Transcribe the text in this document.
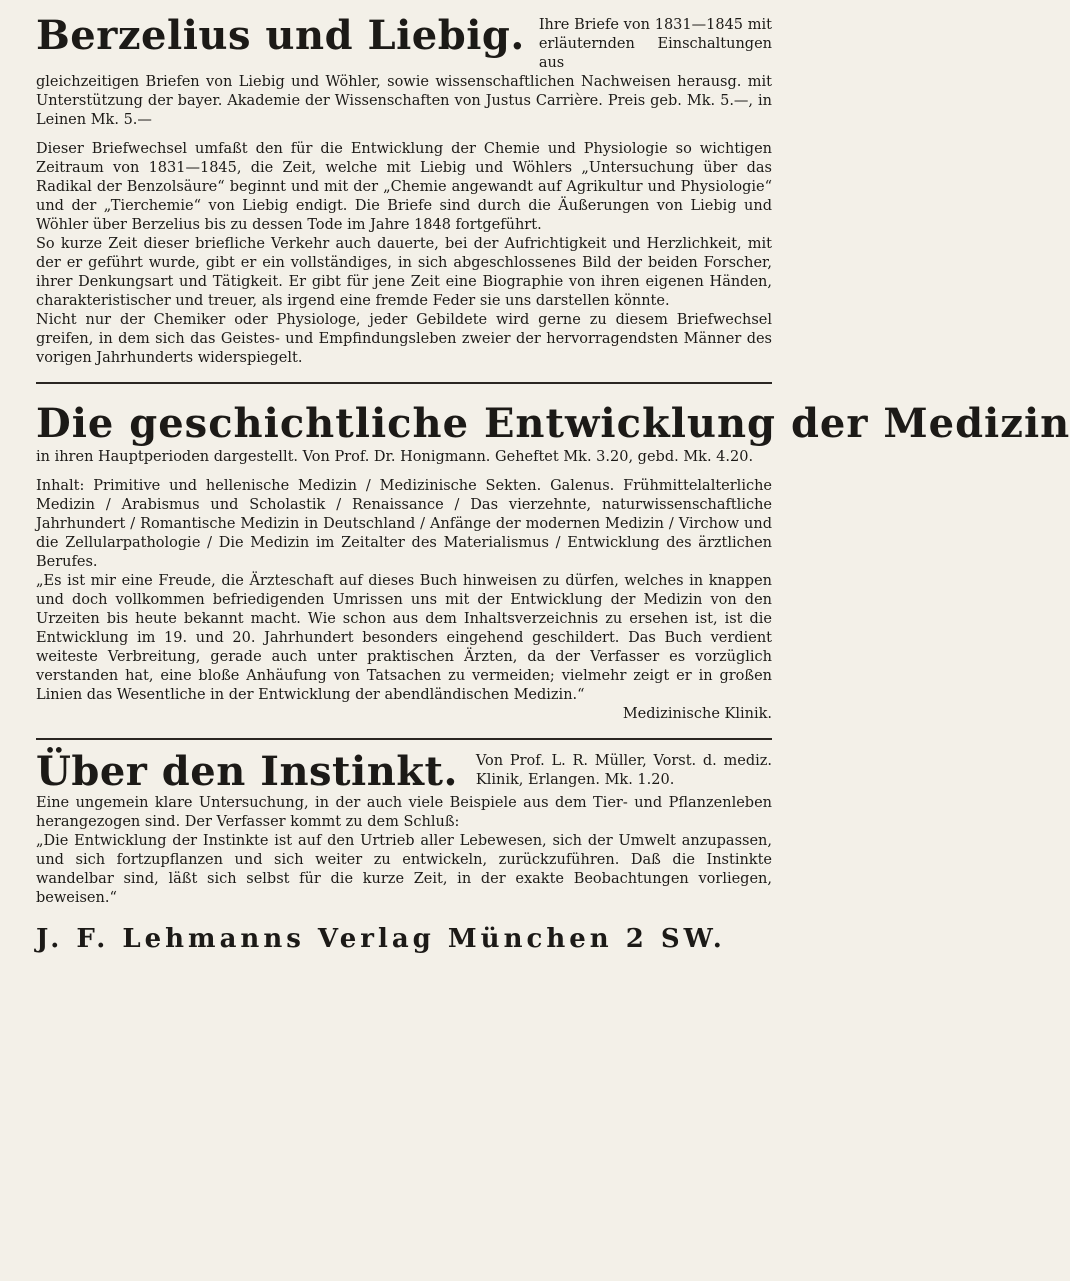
Berzelius und Liebig. Ihre Briefe von 1831—1845 mit erläuternden Einschaltungen aus

gleichzeitigen Briefen von Liebig und Wöhler, sowie wissenschaftlichen Nachweisen herausg. mit Unterstützung der bayer. Akademie der Wissenschaften von Justus Carrière. Preis geb. Mk. 5.—, in Leinen Mk. 5.—

Dieser Briefwechsel umfaßt den für die Entwicklung der Chemie und Physiologie so wichtigen Zeitraum von 1831—1845, die Zeit, welche mit Liebig und Wöhlers „Untersuchung über das Radikal der Benzolsäure“ beginnt und mit der „Chemie angewandt auf Agrikultur und Physiologie“ und der „Tierchemie“ von Liebig endigt. Die Briefe sind durch die Äußerungen von Liebig und Wöhler über Berzelius bis zu dessen Tode im Jahre 1848 fortgeführt.

So kurze Zeit dieser briefliche Verkehr auch dauerte, bei der Aufrichtigkeit und Herzlichkeit, mit der er geführt wurde, gibt er ein vollständiges, in sich abgeschlossenes Bild der beiden Forscher, ihrer Denkungsart und Tätigkeit. Er gibt für jene Zeit eine Biographie von ihren eigenen Händen, charakteristischer und treuer, als irgend eine fremde Feder sie uns darstellen könnte.

Nicht nur der Chemiker oder Physiologe, jeder Gebildete wird gerne zu diesem Briefwechsel greifen, in dem sich das Geistes- und Empfindungsleben zweier der hervorragendsten Männer des vorigen Jahrhunderts widerspiegelt.

Die geschichtliche Entwicklung der Medizin

in ihren Hauptperioden dargestellt. Von Prof. Dr. Honigmann. Geheftet Mk. 3.20, gebd. Mk. 4.20.

Inhalt: Primitive und hellenische Medizin / Medizinische Sekten. Galenus. Frühmittelalterliche Medizin / Arabismus und Scholastik / Renaissance / Das vierzehnte, naturwissenschaftliche Jahrhundert / Romantische Medizin in Deutschland / Anfänge der modernen Medizin / Virchow und die Zellularpathologie / Die Medizin im Zeitalter des Materialismus / Entwicklung des ärztlichen Berufes.

„Es ist mir eine Freude, die Ärzteschaft auf dieses Buch hinweisen zu dürfen, welches in knappen und doch vollkommen befriedigenden Umrissen uns mit der Entwicklung der Medizin von den Urzeiten bis heute bekannt macht. Wie schon aus dem Inhaltsverzeichnis zu ersehen ist, ist die Entwicklung im 19. und 20. Jahrhundert besonders eingehend geschildert. Das Buch verdient weiteste Verbreitung, gerade auch unter praktischen Ärzten, da der Verfasser es vorzüglich verstanden hat, eine bloße Anhäufung von Tatsachen zu vermeiden; vielmehr zeigt er in großen Linien das Wesentliche in der Entwicklung der abendländischen Medizin.“

Medizinische Klinik.
Über den Instinkt. Von Prof. L. R. Müller, Vorst. d. mediz. Klinik, Erlangen. Mk. 1.20.

Eine ungemein klare Untersuchung, in der auch viele Beispiele aus dem Tier- und Pflanzenleben herangezogen sind. Der Verfasser kommt zu dem Schluß:

„Die Entwicklung der Instinkte ist auf den Urtrieb aller Lebewesen, sich der Umwelt anzupassen, und sich fortzupflanzen und sich weiter zu entwickeln, zurückzuführen. Daß die Instinkte wandelbar sind, läßt sich selbst für die kurze Zeit, in der exakte Beobachtungen vorliegen, beweisen.“

J. F. Lehmanns Verlag München 2 SW.
